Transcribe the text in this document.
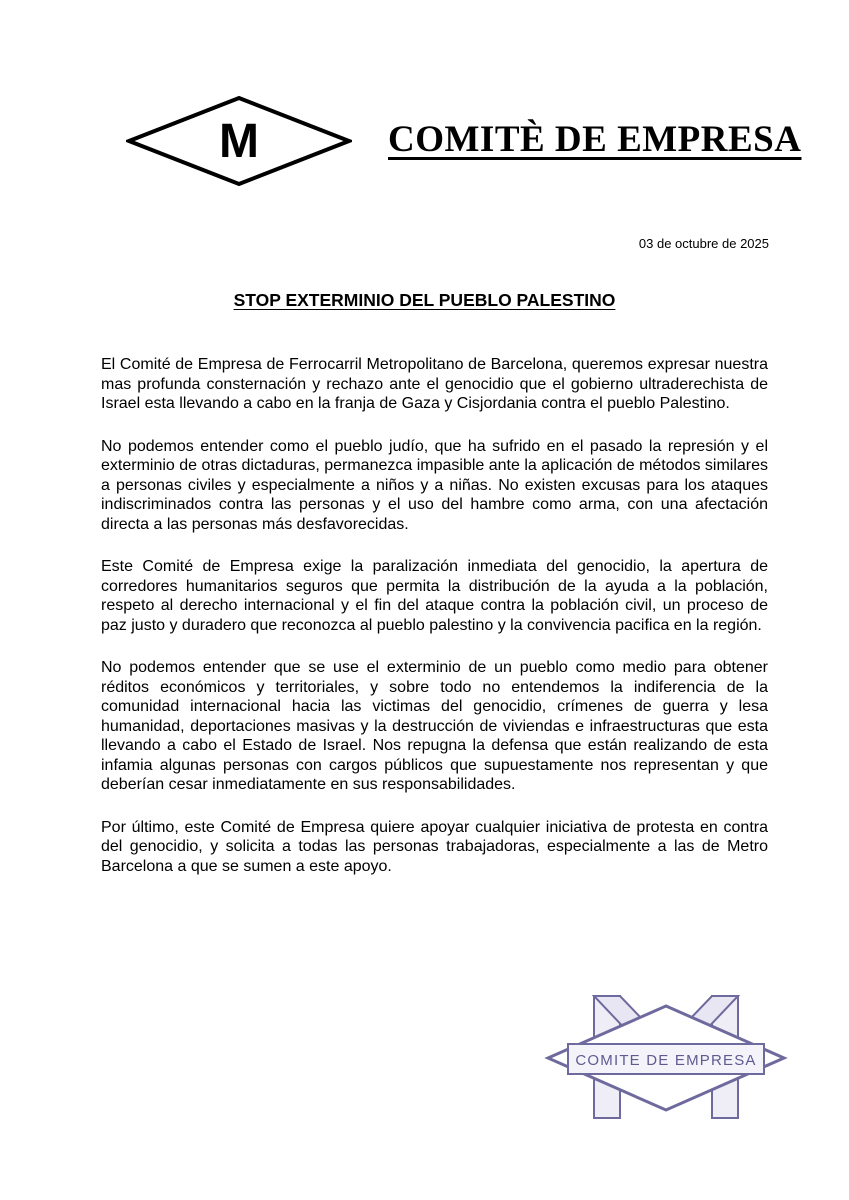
M	COMITÈ DE EMPRESA
03 de octubre de 2025
STOP EXTERMINIO DEL PUEBLO PALESTINO

El Comité de Empresa de Ferrocarril Metropolitano de Barcelona, queremos expresar nuestra mas profunda consternación y rechazo ante el genocidio que el gobierno ultraderechista de Israel esta llevando a cabo en la franja de Gaza y Cisjordania contra el pueblo Palestino.

No podemos entender como el pueblo judío, que ha sufrido en el pasado la represión y el exterminio de otras dictaduras, permanezca impasible ante la aplicación de métodos similares a personas civiles y especialmente a niños y a niñas. No existen excusas para los ataques indiscriminados contra las personas y el uso del hambre como arma, con una afectación directa a las personas más desfavorecidas.

Este Comité de Empresa exige la paralización inmediata del genocidio, la apertura de corredores humanitarios seguros que permita la distribución de la ayuda a la población, respeto al derecho internacional y el fin del ataque contra la población civil, un proceso de paz justo y duradero que reconozca al pueblo palestino y la convivencia pacifica en la región.

No podemos entender que se use el exterminio de un pueblo como medio para obtener réditos económicos y territoriales, y sobre todo no entendemos la indiferencia de la comunidad internacional hacia las victimas del genocidio, crímenes de guerra y lesa humanidad, deportaciones masivas y la destrucción de viviendas e infraestructuras que esta llevando a cabo el Estado de Israel. Nos repugna la defensa que están realizando de esta infamia algunas personas con cargos públicos que supuestamente nos representan y que deberían cesar inmediatamente en sus responsabilidades.

Por último, este Comité de Empresa quiere apoyar cualquier iniciativa de protesta en contra del genocidio, y solicita a todas las personas trabajadoras, especialmente a las de Metro Barcelona a que se sumen a este apoyo.

COMITE DE EMPRESA
